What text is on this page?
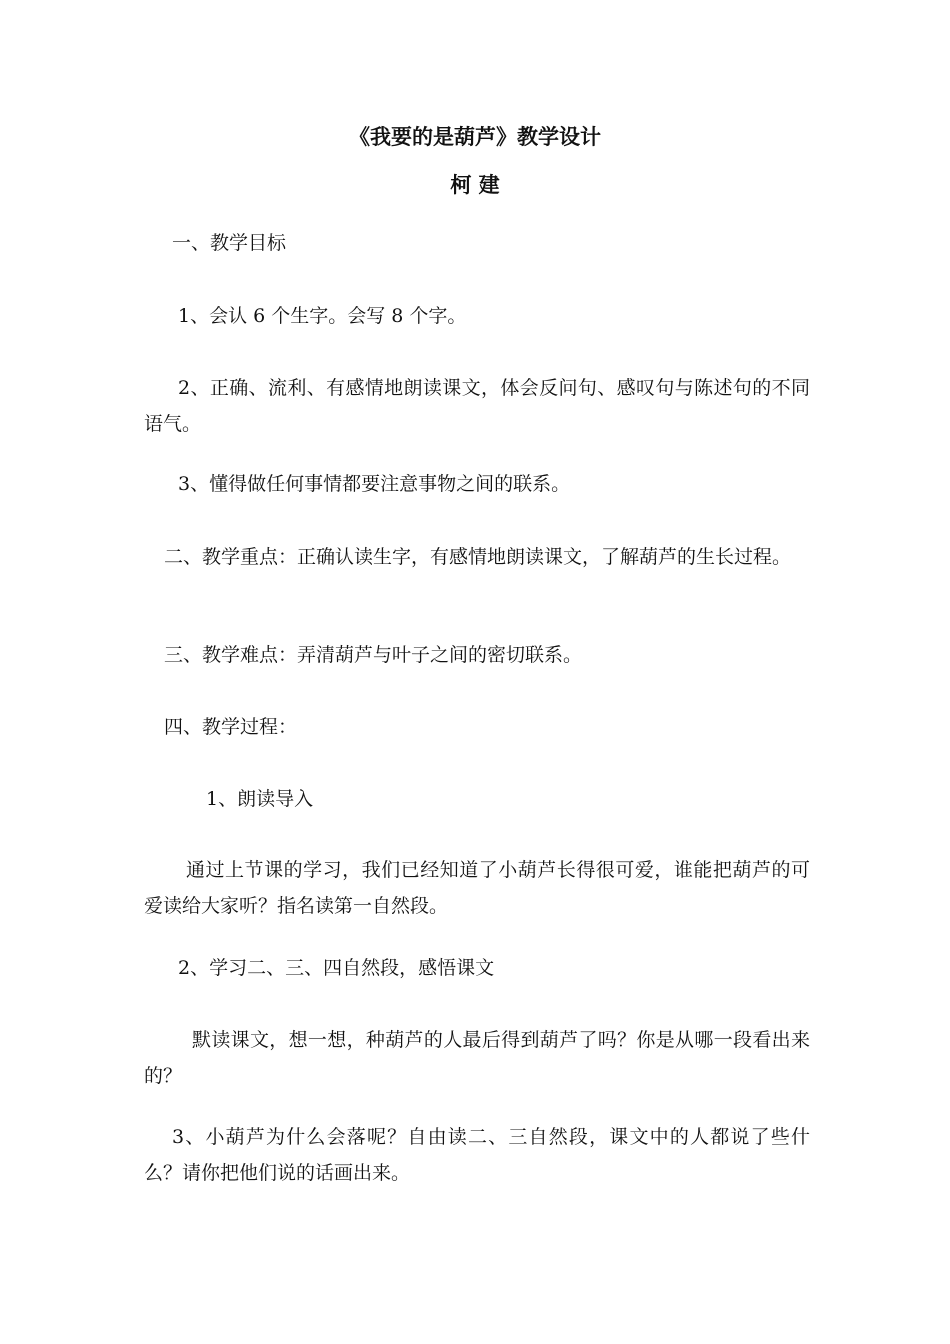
《我要的是葫芦》教学设计
柯 建
一、教学目标
1、会认 6 个生字。会写 8 个字。
2、正确、流利、有感情地朗读课文，体会反问句、感叹句与陈述句的不同语气。
3、懂得做任何事情都要注意事物之间的联系。
二、教学重点：正确认读生字，有感情地朗读课文，了解葫芦的生长过程。
三、教学难点：弄清葫芦与叶子之间的密切联系。
四、教学过程：
1、朗读导入
通过上节课的学习，我们已经知道了小葫芦长得很可爱，谁能把葫芦的可爱读给大家听？指名读第一自然段。
2、学习二、三、四自然段，感悟课文
默读课文，想一想，种葫芦的人最后得到葫芦了吗？你是从哪一段看出来的？
3、小葫芦为什么会落呢？自由读二、三自然段，课文中的人都说了些什么？请你把他们说的话画出来。
